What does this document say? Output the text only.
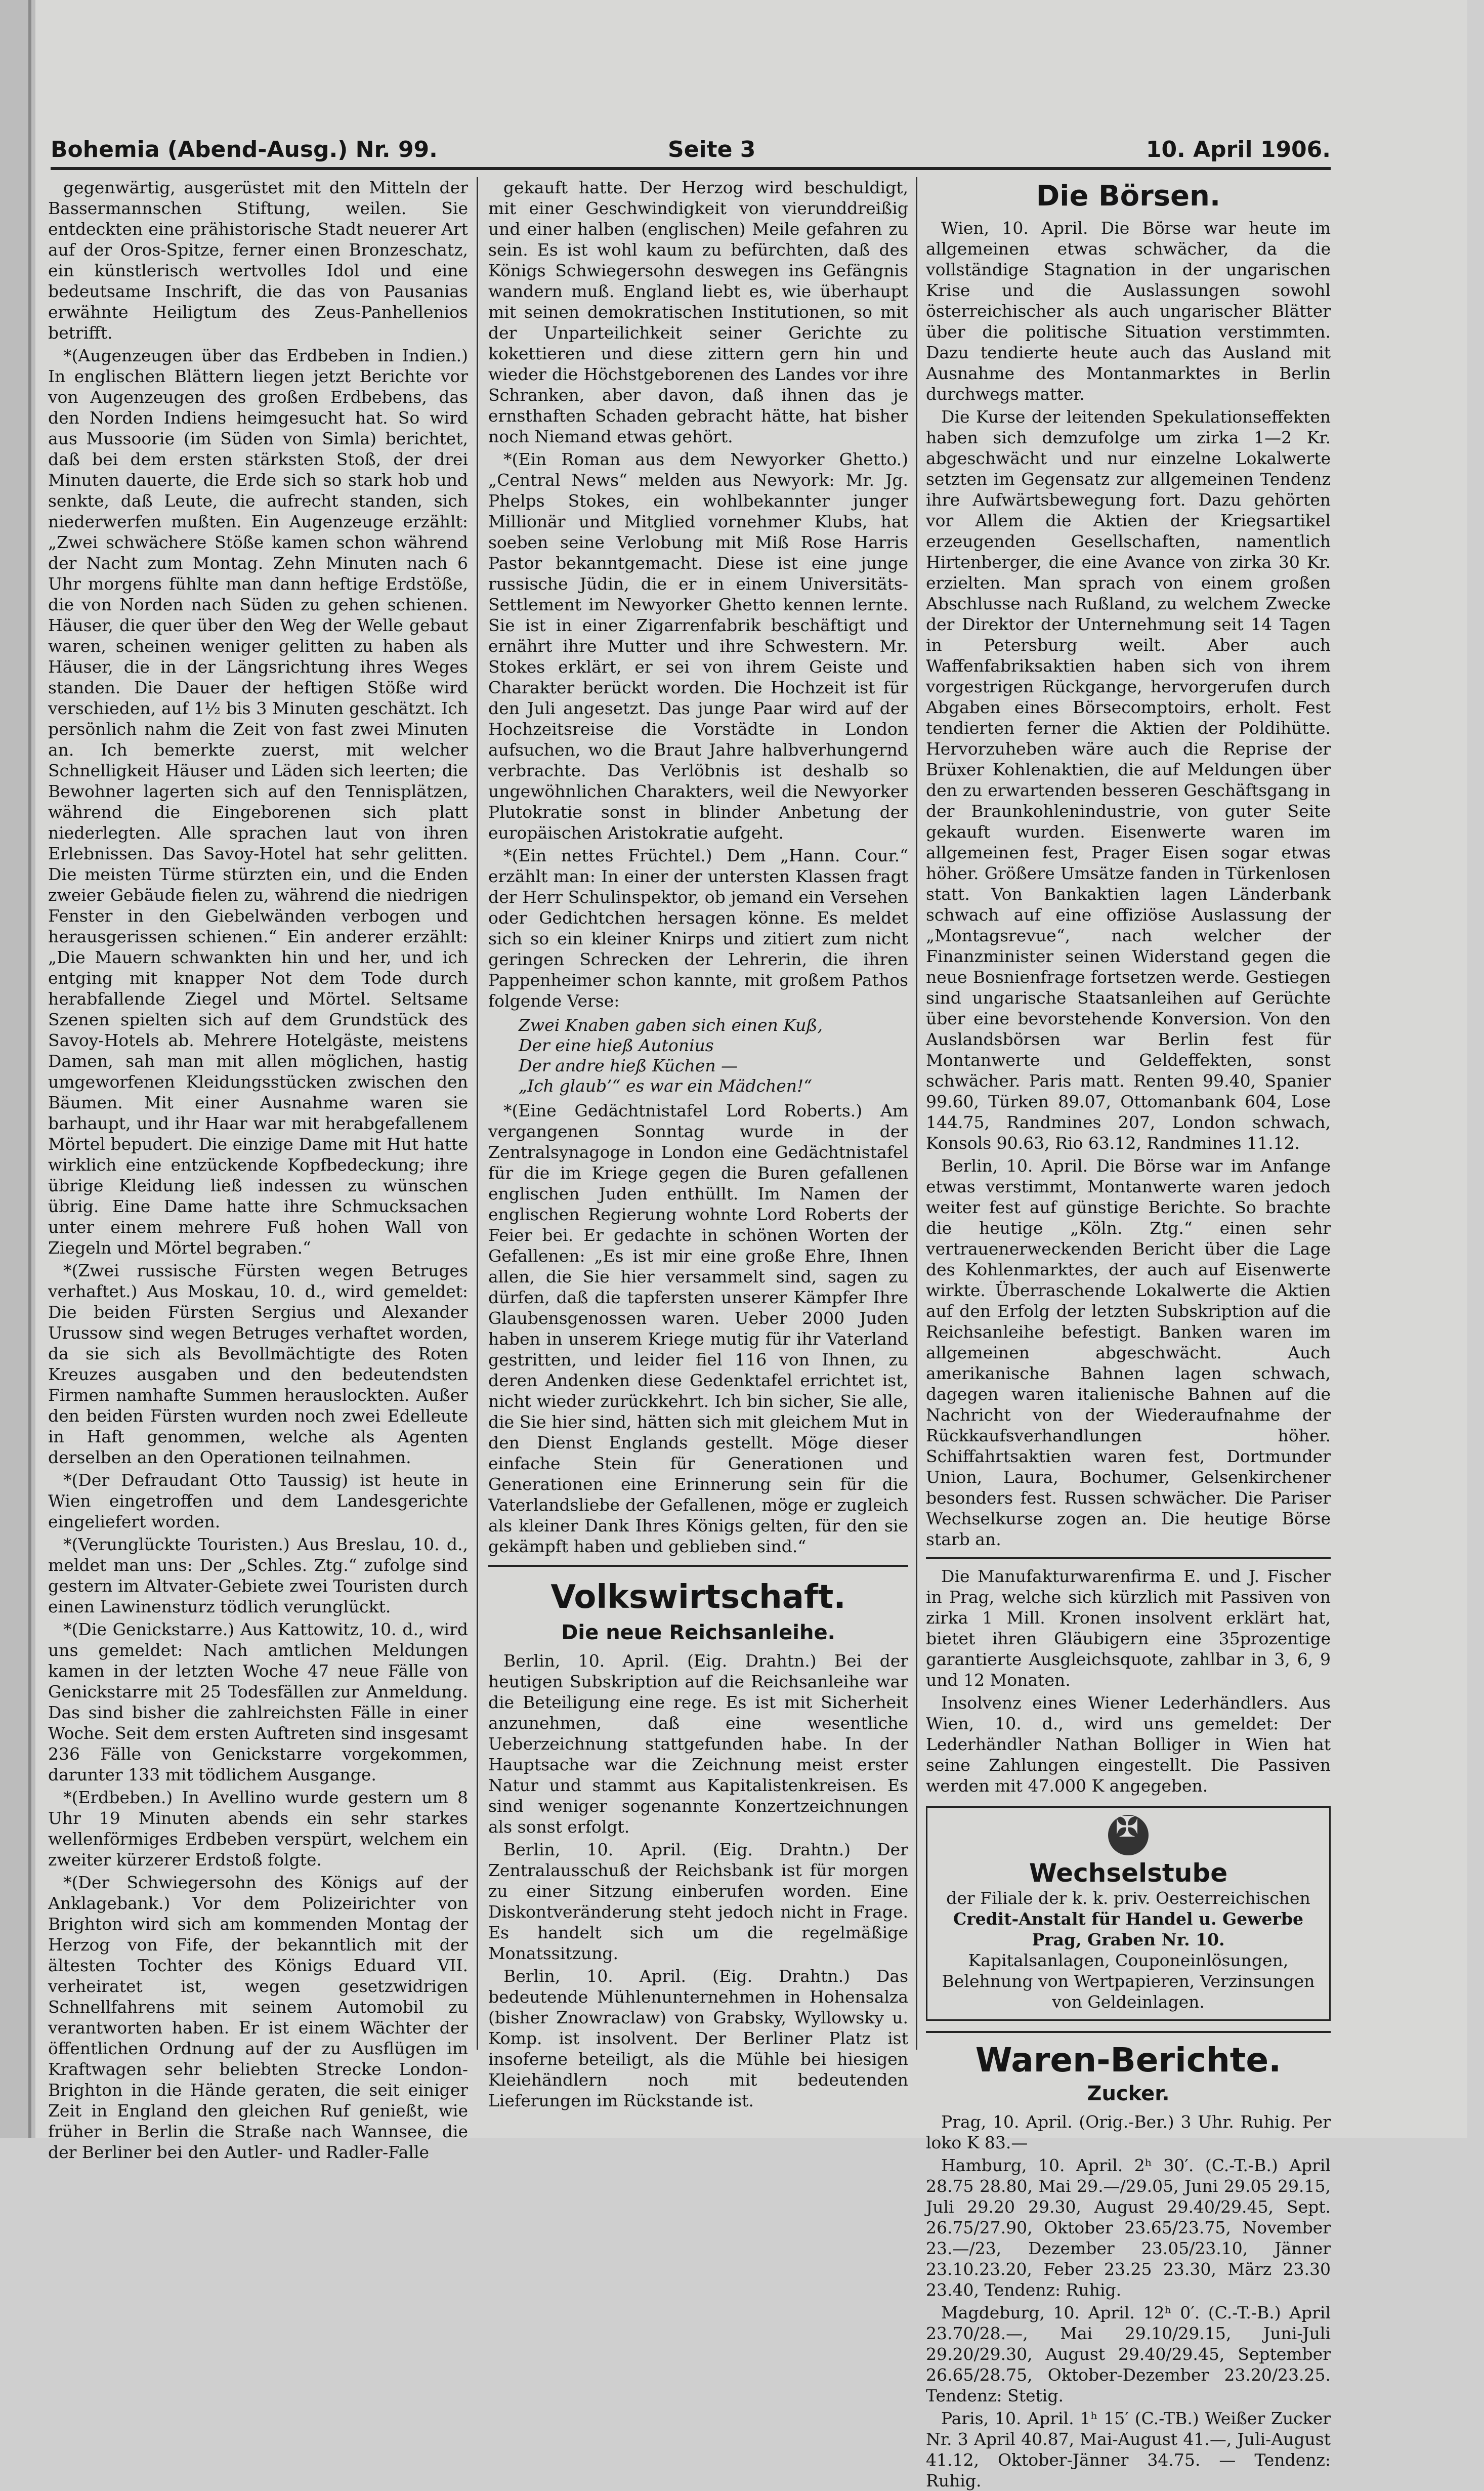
Bohemia (Abend-Ausg.) Nr. 99.	Seite 3	10. April 1906.

gegenwärtig, ausgerüstet mit den Mitteln der Bassermannschen Stiftung, weilen. Sie entdeckten eine prähistorische Stadt neuerer Art auf der Oros-Spitze, ferner einen Bronzeschatz, ein künstlerisch wertvolles Idol und eine bedeutsame Inschrift, die das von Pausanias erwähnte Heiligtum des Zeus-Panhellenios betrifft.

*(Augenzeugen über das Erdbeben in Indien.) In englischen Blättern liegen jetzt Berichte vor von Augenzeugen des großen Erdbebens, das den Norden Indiens heimgesucht hat. So wird aus Mussoorie (im Süden von Simla) berichtet, daß bei dem ersten stärksten Stoß, der drei Minuten dauerte, die Erde sich so stark hob und senkte, daß Leute, die aufrecht standen, sich niederwerfen mußten. Ein Augenzeuge erzählt: „Zwei schwächere Stöße kamen schon während der Nacht zum Montag. Zehn Minuten nach 6 Uhr morgens fühlte man dann heftige Erdstöße, die von Norden nach Süden zu gehen schienen. Häuser, die quer über den Weg der Welle gebaut waren, scheinen weniger gelitten zu haben als Häuser, die in der Längsrichtung ihres Weges standen. Die Dauer der heftigen Stöße wird verschieden, auf 1½ bis 3 Minuten geschätzt. Ich persönlich nahm die Zeit von fast zwei Minuten an. Ich bemerkte zuerst, mit welcher Schnelligkeit Häuser und Läden sich leerten; die Bewohner lagerten sich auf den Tennisplätzen, während die Eingeborenen sich platt niederlegten. Alle sprachen laut von ihren Erlebnissen. Das Savoy-Hotel hat sehr gelitten. Die meisten Türme stürzten ein, und die Enden zweier Gebäude fielen zu, während die niedrigen Fenster in den Giebelwänden verbogen und herausgerissen schienen.“ Ein anderer erzählt: „Die Mauern schwankten hin und her, und ich entging mit knapper Not dem Tode durch herabfallende Ziegel und Mörtel. Seltsame Szenen spielten sich auf dem Grundstück des Savoy-Hotels ab. Mehrere Hotelgäste, meistens Damen, sah man mit allen möglichen, hastig umgeworfenen Kleidungsstücken zwischen den Bäumen. Mit einer Ausnahme waren sie barhaupt, und ihr Haar war mit herabgefallenem Mörtel bepudert. Die einzige Dame mit Hut hatte wirklich eine entzückende Kopfbedeckung; ihre übrige Kleidung ließ indessen zu wünschen übrig. Eine Dame hatte ihre Schmucksachen unter einem mehrere Fuß hohen Wall von Ziegeln und Mörtel begraben.“

*(Zwei russische Fürsten wegen Betruges verhaftet.) Aus Moskau, 10. d., wird gemeldet: Die beiden Fürsten Sergius und Alexander Urussow sind wegen Betruges verhaftet worden, da sie sich als Bevollmächtigte des Roten Kreuzes ausgaben und den bedeutendsten Firmen namhafte Summen herauslockten. Außer den beiden Fürsten wurden noch zwei Edelleute in Haft genommen, welche als Agenten derselben an den Operationen teilnahmen.

*(Der Defraudant Otto Taussig) ist heute in Wien eingetroffen und dem Landesgerichte eingeliefert worden.

*(Verunglückte Touristen.) Aus Breslau, 10. d., meldet man uns: Der „Schles. Ztg.“ zufolge sind gestern im Altvater-Gebiete zwei Touristen durch einen Lawinensturz tödlich verunglückt.

*(Die Genickstarre.) Aus Kattowitz, 10. d., wird uns gemeldet: Nach amtlichen Meldungen kamen in der letzten Woche 47 neue Fälle von Genickstarre mit 25 Todesfällen zur Anmeldung. Das sind bisher die zahlreichsten Fälle in einer Woche. Seit dem ersten Auftreten sind insgesamt 236 Fälle von Genickstarre vorgekommen, darunter 133 mit tödlichem Ausgange.

*(Erdbeben.) In Avellino wurde gestern um 8 Uhr 19 Minuten abends ein sehr starkes wellenförmiges Erdbeben verspürt, welchem ein zweiter kürzerer Erdstoß folgte.

*(Der Schwiegersohn des Königs auf der Anklagebank.) Vor dem Polizeirichter von Brighton wird sich am kommenden Montag der Herzog von Fife, der bekanntlich mit der ältesten Tochter des Königs Eduard VII. verheiratet ist, wegen gesetzwidrigen Schnellfahrens mit seinem Automobil zu verantworten haben. Er ist einem Wächter der öffentlichen Ordnung auf der zu Ausflügen im Kraftwagen sehr beliebten Strecke London-Brighton in die Hände geraten, die seit einiger Zeit in England den gleichen Ruf genießt, wie früher in Berlin die Straße nach Wannsee, die der Berliner bei den Autler- und Radler-Falle

gekauft hatte. Der Herzog wird beschuldigt, mit einer Geschwindigkeit von vierunddreißig und einer halben (englischen) Meile gefahren zu sein. Es ist wohl kaum zu befürchten, daß des Königs Schwiegersohn deswegen ins Gefängnis wandern muß. England liebt es, wie überhaupt mit seinen demokratischen Institutionen, so mit der Unparteilichkeit seiner Gerichte zu kokettieren und diese zittern gern hin und wieder die Höchstgeborenen des Landes vor ihre Schranken, aber davon, daß ihnen das je ernsthaften Schaden gebracht hätte, hat bisher noch Niemand etwas gehört.

*(Ein Roman aus dem Newyorker Ghetto.) „Central News“ melden aus Newyork: Mr. Jg. Phelps Stokes, ein wohlbekannter junger Millionär und Mitglied vornehmer Klubs, hat soeben seine Verlobung mit Miß Rose Harris Pastor bekanntgemacht. Diese ist eine junge russische Jüdin, die er in einem Universitäts-Settlement im Newyorker Ghetto kennen lernte. Sie ist in einer Zigarrenfabrik beschäftigt und ernährt ihre Mutter und ihre Schwestern. Mr. Stokes erklärt, er sei von ihrem Geiste und Charakter berückt worden. Die Hochzeit ist für den Juli angesetzt. Das junge Paar wird auf der Hochzeitsreise die Vorstädte in London aufsuchen, wo die Braut Jahre halbverhungernd verbrachte. Das Verlöbnis ist deshalb so ungewöhnlichen Charakters, weil die Newyorker Plutokratie sonst in blinder Anbetung der europäischen Aristokratie aufgeht.

*(Ein nettes Früchtel.) Dem „Hann. Cour.“ erzählt man: In einer der untersten Klassen fragt der Herr Schulinspektor, ob jemand ein Versehen oder Gedichtchen hersagen könne. Es meldet sich so ein kleiner Knirps und zitiert zum nicht geringen Schrecken der Lehrerin, die ihren Pappenheimer schon kannte, mit großem Pathos folgende Verse:

Zwei Knaben gaben sich einen Kuß,
Der eine hieß Autonius
Der andre hieß Küchen —
„Ich glaub’“ es war ein Mädchen!“

*(Eine Gedächtnistafel Lord Roberts.) Am vergangenen Sonntag wurde in der Zentralsynagoge in London eine Gedächtnistafel für die im Kriege gegen die Buren gefallenen englischen Juden enthüllt. Im Namen der englischen Regierung wohnte Lord Roberts der Feier bei. Er gedachte in schönen Worten der Gefallenen: „Es ist mir eine große Ehre, Ihnen allen, die Sie hier versammelt sind, sagen zu dürfen, daß die tapfersten unserer Kämpfer Ihre Glaubensgenossen waren. Ueber 2000 Juden haben in unserem Kriege mutig für ihr Vaterland gestritten, und leider fiel 116 von Ihnen, zu deren Andenken diese Gedenktafel errichtet ist, nicht wieder zurückkehrt. Ich bin sicher, Sie alle, die Sie hier sind, hätten sich mit gleichem Mut in den Dienst Englands gestellt. Möge dieser einfache Stein für Generationen und Generationen eine Erinnerung sein für die Vaterlandsliebe der Gefallenen, möge er zugleich als kleiner Dank Ihres Königs gelten, für den sie gekämpft haben und geblieben sind.“

Volkswirtschaft.
Die neue Reichsanleihe.

Berlin, 10. April. (Eig. Drahtn.) Bei der heutigen Subskription auf die Reichsanleihe war die Beteiligung eine rege. Es ist mit Sicherheit anzunehmen, daß eine wesentliche Ueberzeichnung stattgefunden habe. In der Hauptsache war die Zeichnung meist erster Natur und stammt aus Kapitalistenkreisen. Es sind weniger sogenannte Konzertzeichnungen als sonst erfolgt.

Berlin, 10. April. (Eig. Drahtn.) Der Zentralausschuß der Reichsbank ist für morgen zu einer Sitzung einberufen worden. Eine Diskontveränderung steht jedoch nicht in Frage. Es handelt sich um die regelmäßige Monatssitzung.

Berlin, 10. April. (Eig. Drahtn.) Das bedeutende Mühlenunternehmen in Hohensalza (bisher Znowraclaw) von Grabsky, Wyllowsky u. Komp. ist insolvent. Der Berliner Platz ist insoferne beteiligt, als die Mühle bei hiesigen Kleiehändlern noch mit bedeutenden Lieferungen im Rückstande ist.

Die Börsen.

Wien, 10. April. Die Börse war heute im allgemeinen etwas schwächer, da die vollständige Stagnation in der ungarischen Krise und die Auslassungen sowohl österreichischer als auch ungarischer Blätter über die politische Situation verstimmten. Dazu tendierte heute auch das Ausland mit Ausnahme des Montanmarktes in Berlin durchwegs matter.

Die Kurse der leitenden Spekulationseffekten haben sich demzufolge um zirka 1—2 Kr. abgeschwächt und nur einzelne Lokalwerte setzten im Gegensatz zur allgemeinen Tendenz ihre Aufwärtsbewegung fort. Dazu gehörten vor Allem die Aktien der Kriegsartikel erzeugenden Gesellschaften, namentlich Hirtenberger, die eine Avance von zirka 30 Kr. erzielten. Man sprach von einem großen Abschlusse nach Rußland, zu welchem Zwecke der Direktor der Unternehmung seit 14 Tagen in Petersburg weilt. Aber auch Waffenfabriksaktien haben sich von ihrem vorgestrigen Rückgange, hervorgerufen durch Abgaben eines Börsecomptoirs, erholt. Fest tendierten ferner die Aktien der Poldihütte. Hervorzuheben wäre auch die Reprise der Brüxer Kohlenaktien, die auf Meldungen über den zu erwartenden besseren Geschäftsgang in der Braunkohlenindustrie, von guter Seite gekauft wurden. Eisenwerte waren im allgemeinen fest, Prager Eisen sogar etwas höher. Größere Umsätze fanden in Türkenlosen statt. Von Bankaktien lagen Länderbank schwach auf eine offiziöse Auslassung der „Montagsrevue“, nach welcher der Finanzminister seinen Widerstand gegen die neue Bosnienfrage fortsetzen werde. Gestiegen sind ungarische Staatsanleihen auf Gerüchte über eine bevorstehende Konversion. Von den Auslandsbörsen war Berlin fest für Montanwerte und Geldeffekten, sonst schwächer. Paris matt. Renten 99.40, Spanier 99.60, Türken 89.07, Ottomanbank 604, Lose 144.75, Randmines 207, London schwach, Konsols 90.63, Rio 63.12, Randmines 11.12.

Berlin, 10. April. Die Börse war im Anfange etwas verstimmt, Montanwerte waren jedoch weiter fest auf günstige Berichte. So brachte die heutige „Köln. Ztg.“ einen sehr vertrauenerweckenden Bericht über die Lage des Kohlenmarktes, der auch auf Eisenwerte wirkte. Überraschende Lokalwerte die Aktien auf den Erfolg der letzten Subskription auf die Reichsanleihe befestigt. Banken waren im allgemeinen abgeschwächt. Auch amerikanische Bahnen lagen schwach, dagegen waren italienische Bahnen auf die Nachricht von der Wiederaufnahme der Rückkaufsverhandlungen höher. Schiffahrtsaktien waren fest, Dortmunder Union, Laura, Bochumer, Gelsenkirchener besonders fest. Russen schwächer. Die Pariser Wechselkurse zogen an. Die heutige Börse starb an.

Die Manufakturwarenfirma E. und J. Fischer in Prag, welche sich kürzlich mit Passiven von zirka 1 Mill. Kronen insolvent erklärt hat, bietet ihren Gläubigern eine 35prozentige garantierte Ausgleichsquote, zahlbar in 3, 6, 9 und 12 Monaten.

Insolvenz eines Wiener Lederhändlers. Aus Wien, 10. d., wird uns gemeldet: Der Lederhändler Nathan Bolliger in Wien hat seine Zahlungen eingestellt. Die Passiven werden mit 47.000 K angegeben.

✠
Wechselstube
der Filiale der k. k. priv. Oesterreichischen
Credit-Anstalt für Handel u. Gewerbe
Prag, Graben Nr. 10.
Kapitalsanlagen, Couponeinlösungen, Belehnung von Wertpapieren, Verzinsungen von Geldeinlagen.
Waren-Berichte.
Zucker.

Prag, 10. April. (Orig.-Ber.) 3 Uhr. Ruhig. Per loko K 83.—

Hamburg, 10. April. 2ʰ 30′. (C.-T.-B.) April 28.75 28.80, Mai 29.—/29.05, Juni 29.05 29.15, Juli 29.20 29.30, August 29.40/29.45, Sept. 26.75/27.90, Oktober 23.65/23.75, November 23.—/23, Dezember 23.05/23.10, Jänner 23.10.23.20, Feber 23.25 23.30, März 23.30 23.40, Tendenz: Ruhig.

Magdeburg, 10. April. 12ʰ 0′. (C.-T.-B.) April 23.70/28.—, Mai 29.10/29.15, Juni-Juli 29.20/29.30, August 29.40/29.45, September 26.65/28.75, Oktober-Dezember 23.20/23.25. Tendenz: Stetig.

Paris, 10. April. 1ʰ 15′ (C.-TB.) Weißer Zucker Nr. 3 April 40.87, Mai-August 41.—, Juli-August 41.12, Oktober-Jänner 34.75. — Tendenz: Ruhig.
